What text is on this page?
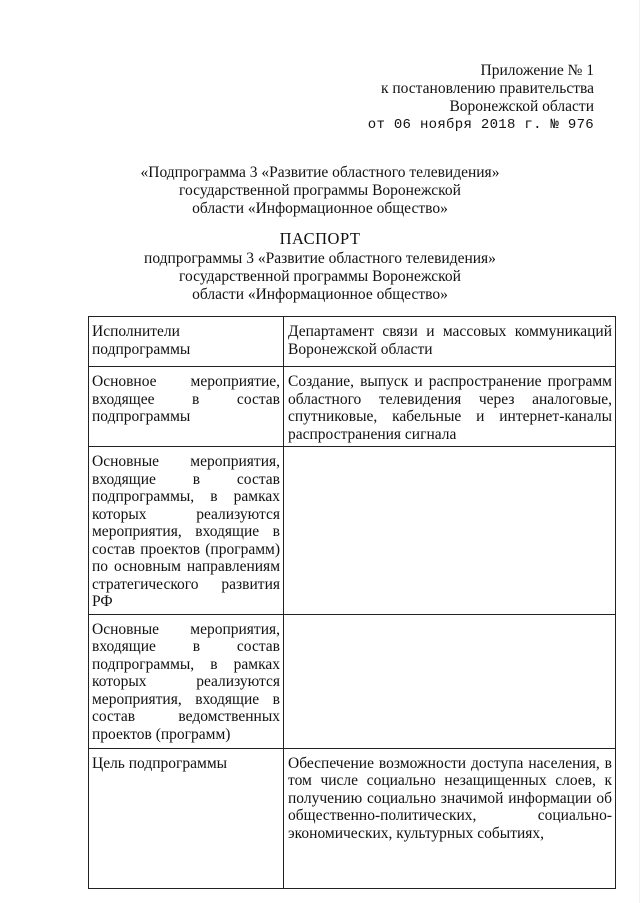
Приложение № 1
к постановлению правительства
Воронежской области
от 06 ноября 2018 г. № 976
«Подпрограмма 3 «Развитие областного телевидения»
государственной программы Воронежской
области «Информационное общество»
ПАСПОРТ
подпрограммы 3 «Развитие областного телевидения»
государственной программы Воронежской
области «Информационное общество»
Исполнители подпрограммы	Департамент связи и массовых коммуникаций Воронежской области
Основное мероприятие, входящее в состав подпрограммы	Создание, выпуск и распространение программ областного телевидения через аналоговые, спутниковые, кабельные и интернет-каналы распространения сигнала
Основные мероприятия, входящие в состав подпрограммы, в рамках которых реализуются мероприятия, входящие в состав проектов (программ) по основным направлениям стратегического развития РФ	
Основные мероприятия, входящие в состав подпрограммы, в рамках которых реализуются мероприятия, входящие в состав ведомственных проектов (программ)	
Цель подпрограммы	Обеспечение возможности доступа населения, в том числе социально незащищенных слоев, к получению социально значимой информации об общественно-политических, социально-экономических, культурных событиях,
